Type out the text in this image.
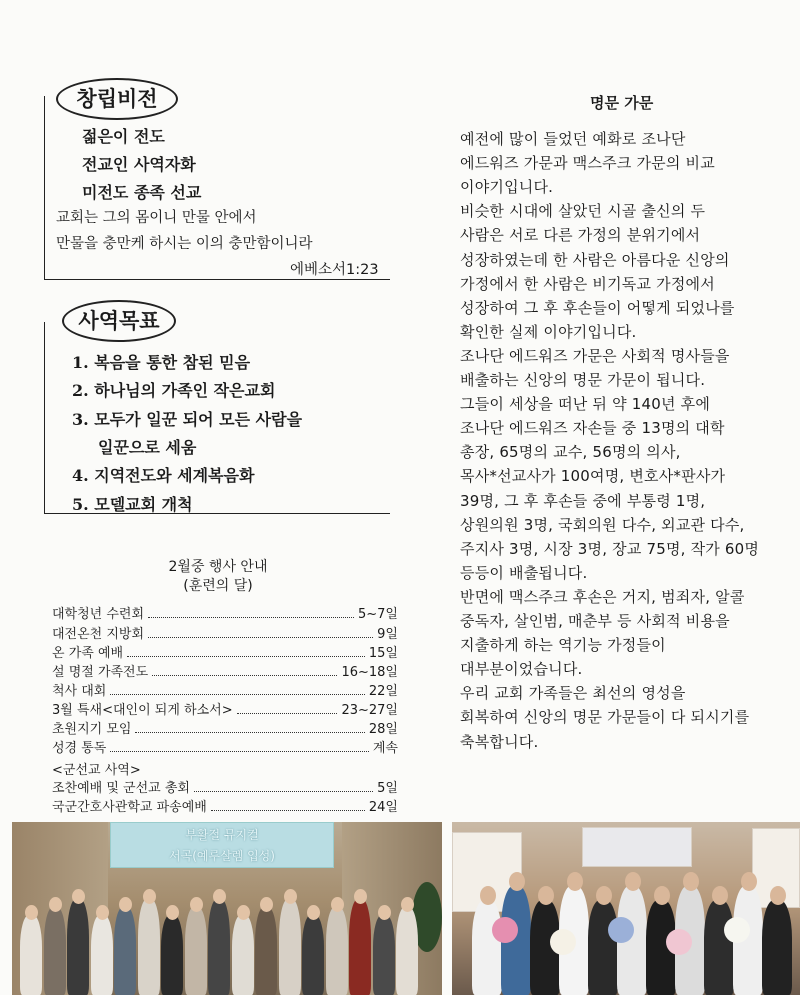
창립비전
젊은이 전도
전교인 사역자화
미전도 종족 선교
교회는 그의 몸이니 만물 안에서
만물을 충만케 하시는 이의 충만함이니라
에베소서1:23
사역목표
1. 복음을 통한 참된 믿음
2. 하나님의 가족인 작은교회
3. 모두가 일꾼 되어 모든 사람을
일꾼으로 세움
4. 지역전도와 세계복음화
5. 모델교회 개척
2월중 행사 안내
(훈련의 달)
대학청년 수련회	5~7일
대전온천 지방회	9일
온 가족 예배	15일
설 명절 가족전도	16~18일
척사 대회	22일
3월 특새<대인이 되게 하소서>	23~27일
초원지기 모임	28일
성경 통독	계속
<군선교 사역>
조찬예배 및 군선교 총회	5일
국군간호사관학교 파송예배	24일
명문 가문
예전에 많이 들었던 예화로 조나단
에드워즈 가문과 맥스주크 가문의 비교
이야기입니다.
비슷한 시대에 살았던 시골 출신의 두
사람은 서로 다른 가정의 분위기에서
성장하였는데 한 사람은 아름다운 신앙의
가정에서 한 사람은 비기독교 가정에서
성장하여 그 후 후손들이 어떻게 되었나를
확인한 실제 이야기입니다.
조나단 에드워즈 가문은 사회적 명사들을
배출하는 신앙의 명문 가문이 됩니다.
그들이 세상을 떠난 뒤 약 140년 후에
조나단 에드워즈 자손들 중 13명의 대학
총장, 65명의 교수, 56명의 의사,
목사*선교사가 100여명, 변호사*판사가
39명, 그 후 후손들 중에 부통령 1명,
상원의원 3명, 국회의원 다수, 외교관 다수,
주지사 3명, 시장 3명, 장교 75명, 작가 60명
등등이 배출됩니다.
반면에 맥스주크 후손은 거지, 범죄자, 알콜
중독자, 살인범, 매춘부 등 사회적 비용을
지출하게 하는 역기능 가정들이
대부분이었습니다.
우리 교회 가족들은 최선의 영성을
회복하여 신앙의 명문 가문들이 다 되시기를
축복합니다.
부활절 뮤지컬
서곡(예루살렘 입성)
